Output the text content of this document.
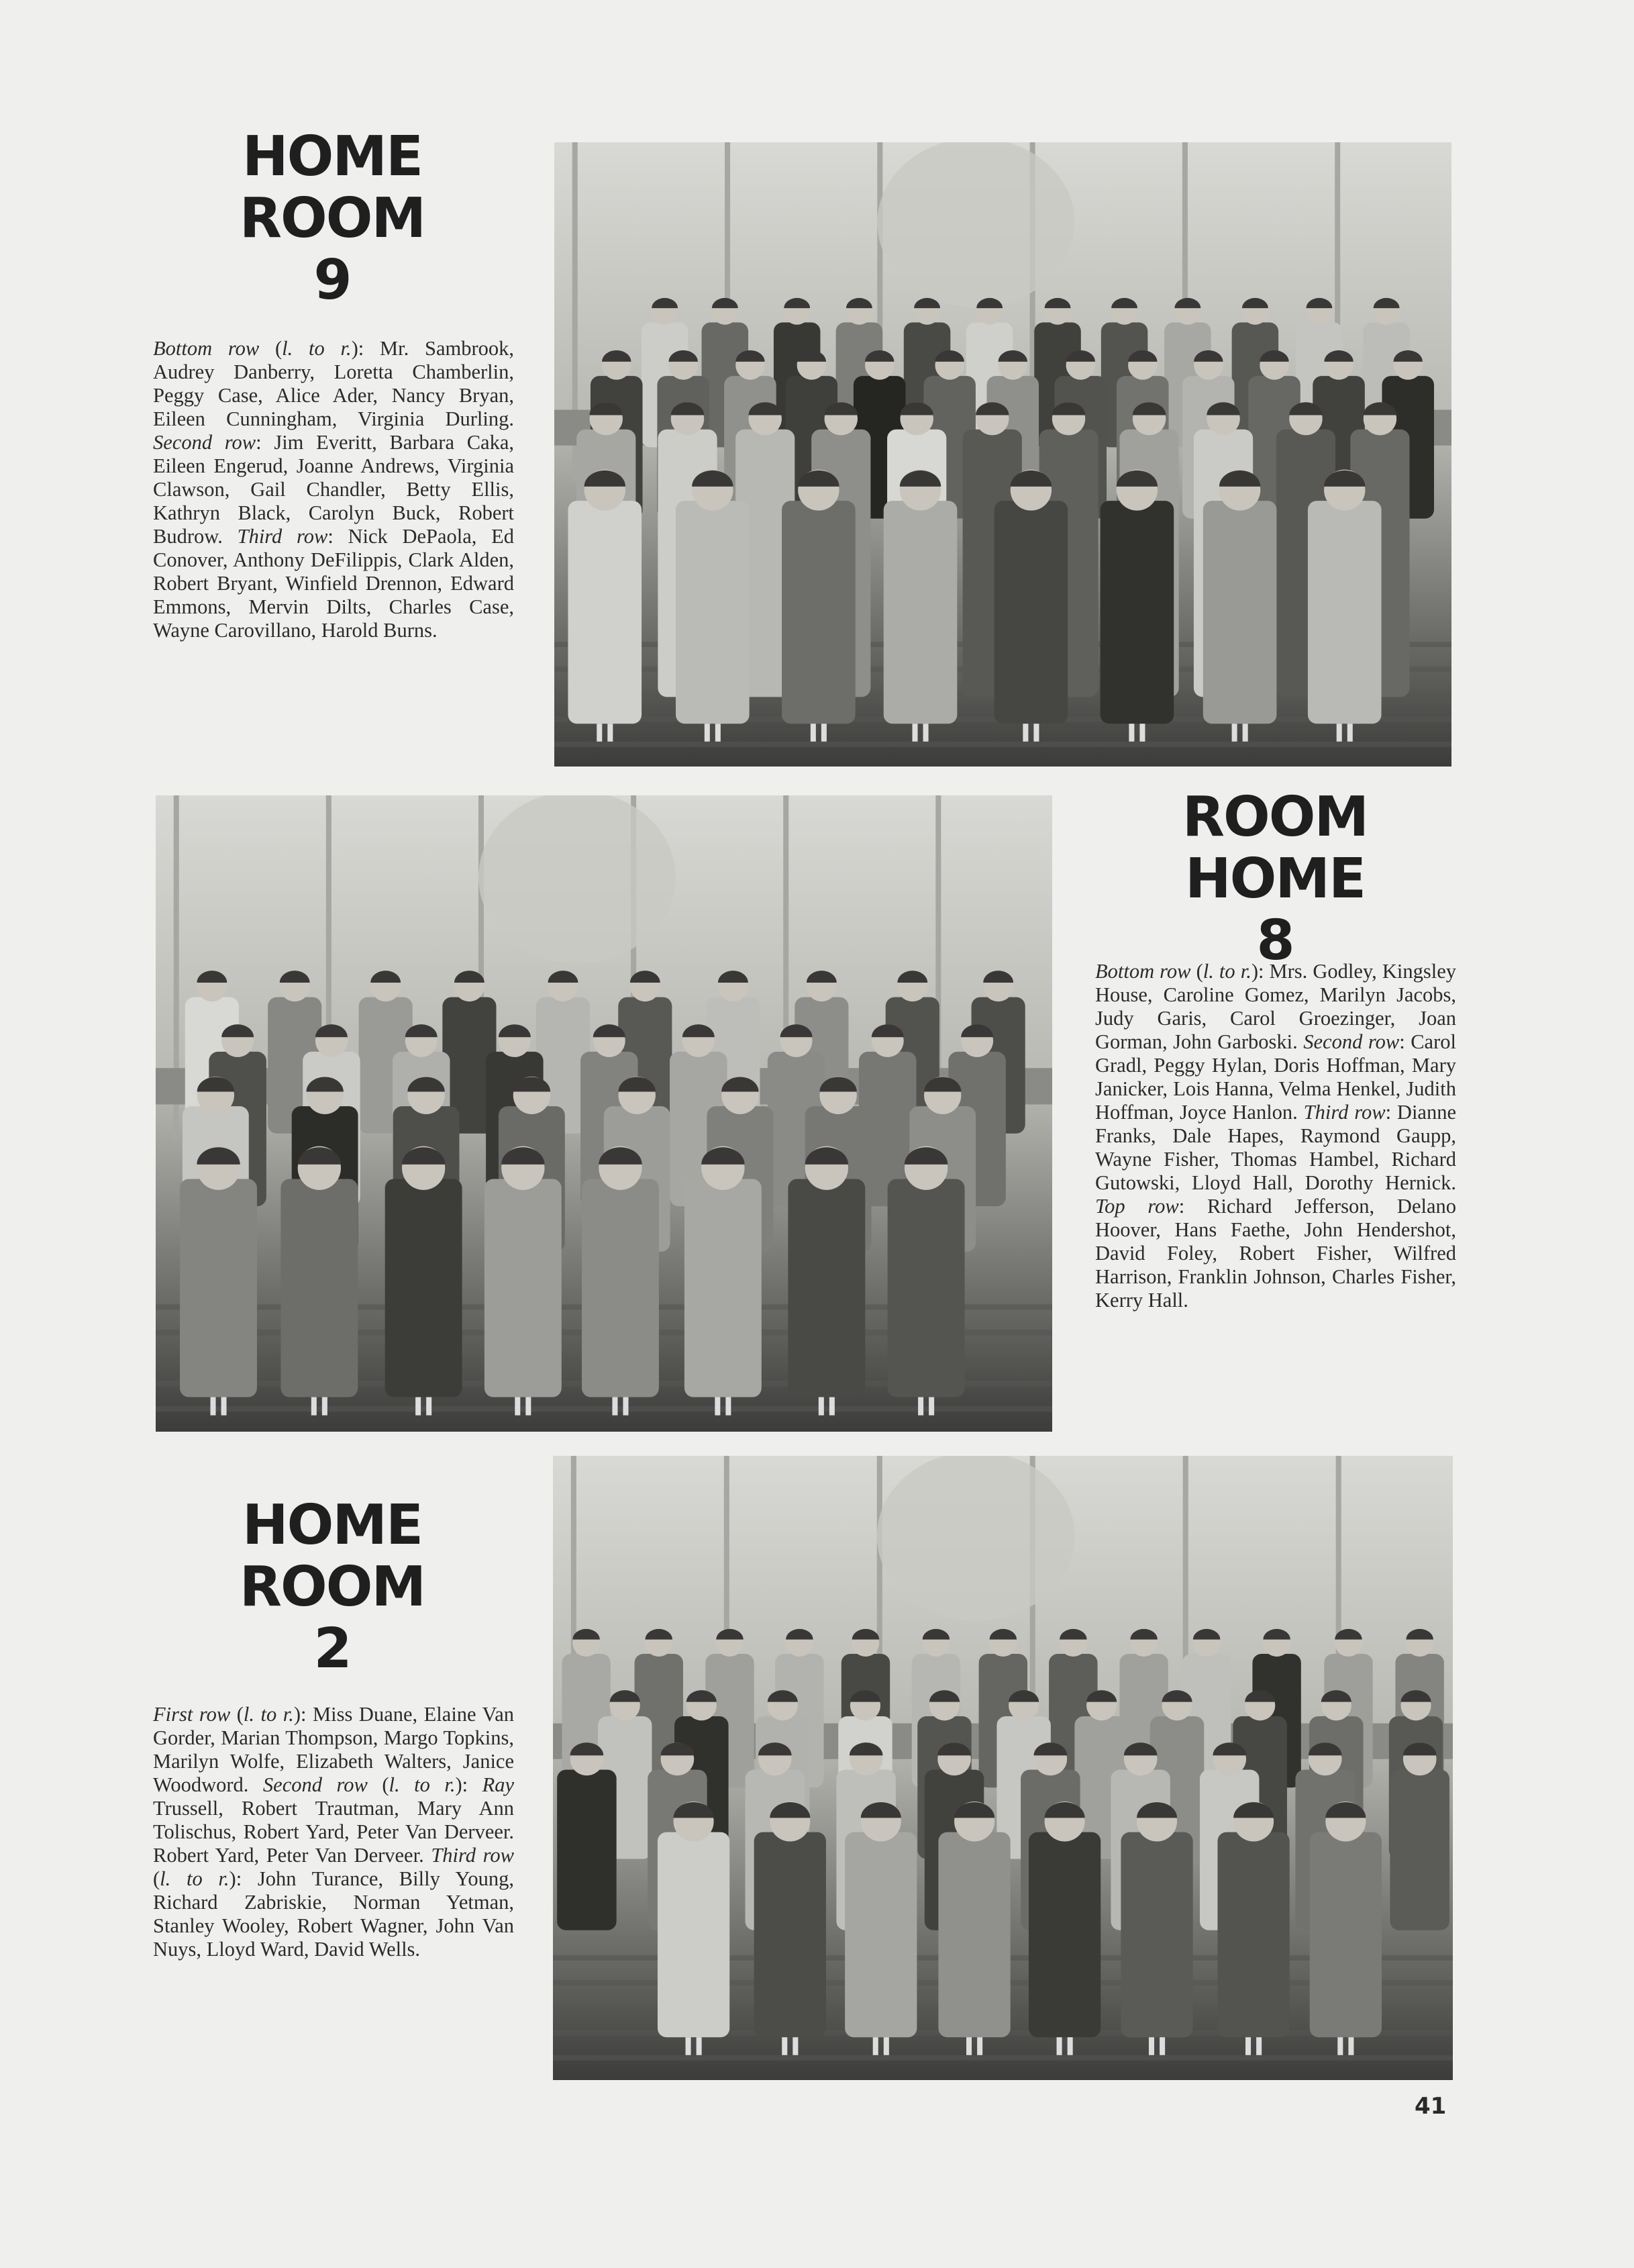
HOME
ROOM
9

Bottom row (l. to r.): Mr. Sambrook, Audrey Danberry, Loretta Chamberlin, Peggy Case, Alice Ader, Nancy Bryan, Eileen Cunningham, Virginia Durling. Second row: Jim Everitt, Barbara Caka, Eileen Engerud, Joanne Andrews, Virginia Clawson, Gail Chandler, Betty Ellis, Kathryn Black, Carolyn Buck, Robert Budrow. Third row: Nick DePaola, Ed Conover, Anthony DeFilippis, Clark Alden, Robert Bryant, Winfield Drennon, Edward Emmons, Mervin Dilts, Charles Case, Wayne Carovillano, Harold Burns.

ROOM
HOME
8

Bottom row (l. to r.): Mrs. Godley, Kingsley House, Caroline Gomez, Marilyn Jacobs, Judy Garis, Carol Groezinger, Joan Gorman, John Garboski. Second row: Carol Gradl, Peggy Hylan, Doris Hoffman, Mary Janicker, Lois Hanna, Velma Henkel, Judith Hoffman, Joyce Hanlon. Third row: Dianne Franks, Dale Hapes, Raymond Gaupp, Wayne Fisher, Thomas Hambel, Richard Gutowski, Lloyd Hall, Dorothy Hernick. Top row: Richard Jefferson, Delano Hoover, Hans Faethe, John Hendershot, David Foley, Robert Fisher, Wilfred Harrison, Franklin Johnson, Charles Fisher, Kerry Hall.

HOME
ROOM
2

First row (l. to r.): Miss Duane, Elaine Van Gorder, Marian Thompson, Margo Topkins, Marilyn Wolfe, Elizabeth Walters, Janice Woodword. Second row (l. to r.): Ray Trussell, Robert Trautman, Mary Ann Tolischus, Robert Yard, Peter Van Derveer. Robert Yard, Peter Van Derveer. Third row (l. to r.): John Turance, Billy Young, Richard Zabriskie, Norman Yetman, Stanley Wooley, Robert Wagner, John Van Nuys, Lloyd Ward, David Wells.

41
